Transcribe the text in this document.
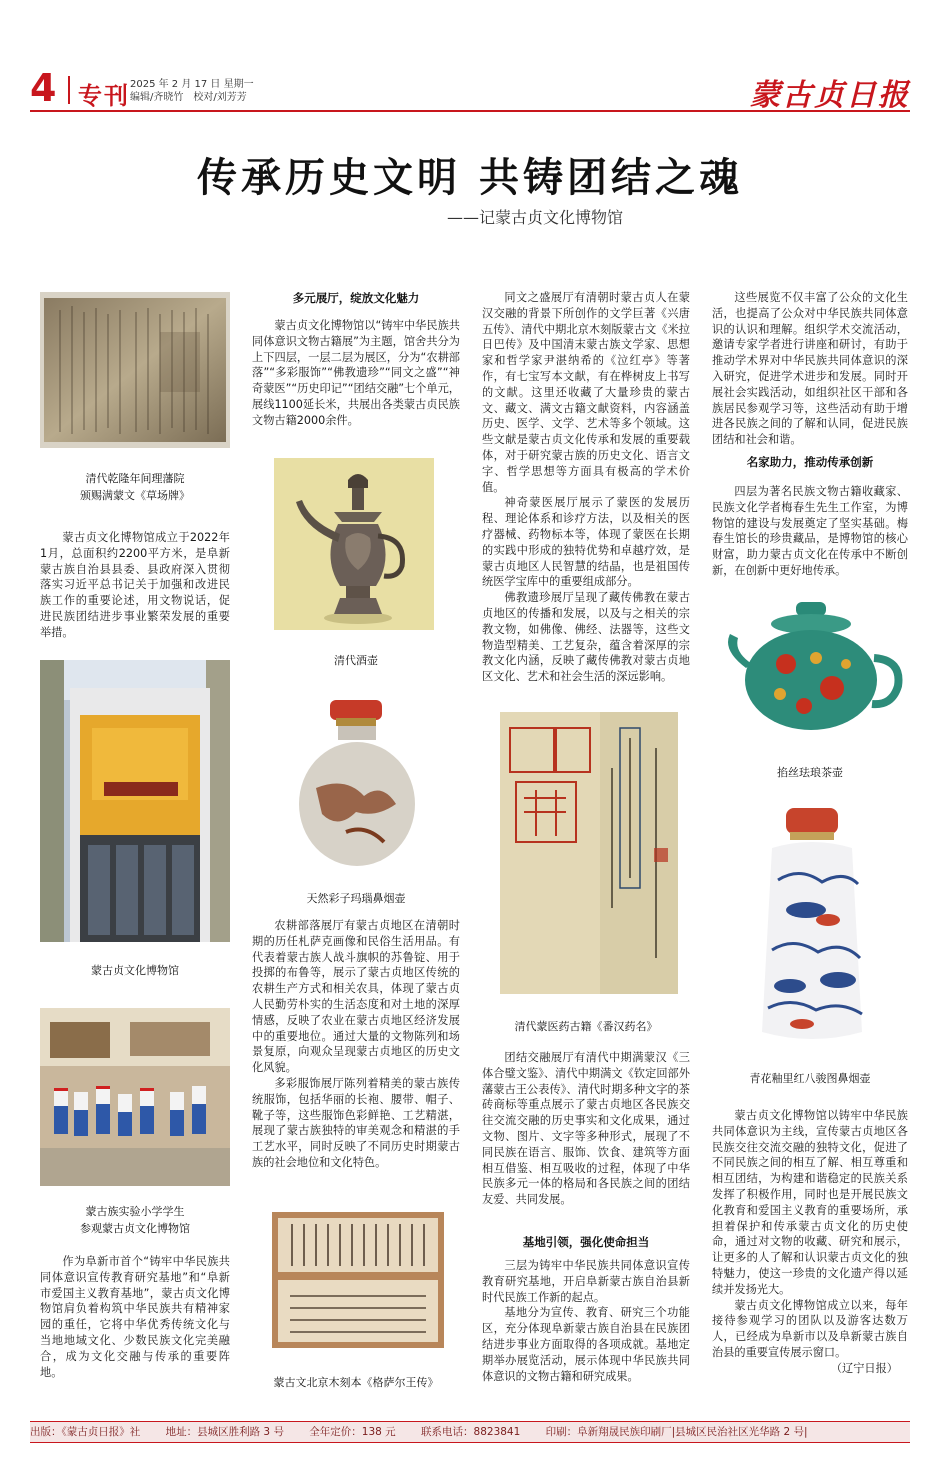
4 专刊 2025 年 2 月 17 日 星期一
编辑/齐晓竹　校对/刘芳芳	蒙古贞日报
传承历史文明 共铸团结之魂
——记蒙古贞文化博物馆
清代乾隆年间理藩院
颁赐满蒙文《草场牌》

蒙古贞文化博物馆成立于2022年1月，总面积约2200平方米，是阜新蒙古族自治县县委、县政府深入贯彻落实习近平总书记关于加强和改进民族工作的重要论述，用文物说话，促进民族团结进步事业繁荣发展的重要举措。

蒙古贞文化博物馆
蒙古族实验小学学生
参观蒙古贞文化博物馆

作为阜新市首个“铸牢中华民族共同体意识宣传教育研究基地”和“阜新市爱国主义教育基地”，蒙古贞文化博物馆肩负着构筑中华民族共有精神家园的重任，它将中华优秀传统文化与当地地域文化、少数民族文化完美融合，成为文化交融与传承的重要阵地。

多元展厅，绽放文化魅力

蒙古贞文化博物馆以“铸牢中华民族共同体意识文物古籍展”为主题，馆舍共分为上下四层，一层二层为展区，分为“农耕部落”“多彩服饰”“佛教遗珍”“同文之盛”“神奇蒙医”“历史印记”“团结交融”七个单元，展线1100延长米，共展出各类蒙古贞民族文物古籍2000余件。

清代酒壶
天然彩子玛瑙鼻烟壶

农耕部落展厅有蒙古贞地区在清朝时期的历任札萨克画像和民俗生活用品。有代表着蒙古族人战斗旗帜的苏鲁锭、用于投掷的布鲁等，展示了蒙古贞地区传统的农耕生产方式和相关农具，体现了蒙古贞人民勤劳朴实的生活态度和对土地的深厚情感，反映了农业在蒙古贞地区经济发展中的重要地位。通过大量的文物陈列和场景复原，向观众呈现蒙古贞地区的历史文化风貌。

多彩服饰展厅陈列着精美的蒙古族传统服饰，包括华丽的长袍、腰带、帽子、靴子等，这些服饰色彩鲜艳、工艺精湛，展现了蒙古族独特的审美观念和精湛的手工艺水平，同时反映了不同历史时期蒙古族的社会地位和文化特色。

蒙古文北京木刻本《格萨尔王传》

同文之盛展厅有清朝时蒙古贞人在蒙汉交融的背景下所创作的文学巨著《兴唐五传》、清代中期北京木刻版蒙古文《米拉日巴传》及中国清末蒙古族文学家、思想家和哲学家尹湛纳希的《泣红亭》等著作，有七宝写本文献，有在桦树皮上书写的文献。这里还收藏了大量珍贵的蒙古文、藏文、满文古籍文献资料，内容涵盖历史、医学、文学、艺术等多个领域。这些文献是蒙古贞文化传承和发展的重要载体，对于研究蒙古族的历史文化、语言文字、哲学思想等方面具有极高的学术价值。

神奇蒙医展厅展示了蒙医的发展历程、理论体系和诊疗方法，以及相关的医疗器械、药物标本等，体现了蒙医在长期的实践中形成的独特优势和卓越疗效，是蒙古贞地区人民智慧的结晶，也是祖国传统医学宝库中的重要组成部分。

佛教遗珍展厅呈现了藏传佛教在蒙古贞地区的传播和发展，以及与之相关的宗教文物，如佛像、佛经、法器等，这些文物造型精美、工艺复杂，蕴含着深厚的宗教文化内涵，反映了藏传佛教对蒙古贞地区文化、艺术和社会生活的深远影响。

清代蒙医药古籍《番汉药名》

团结交融展厅有清代中期满蒙汉《三体合璧文鉴》、清代中期满文《钦定回部外藩蒙古王公表传》、清代时期多种文字的茶砖商标等重点展示了蒙古贞地区各民族交往交流交融的历史事实和文化成果，通过文物、图片、文字等多种形式，展现了不同民族在语言、服饰、饮食、建筑等方面相互借鉴、相互吸收的过程，体现了中华民族多元一体的格局和各民族之间的团结友爱、共同发展。

基地引领，强化使命担当

三层为铸牢中华民族共同体意识宣传教育研究基地，开启阜新蒙古族自治县新时代民族工作新的起点。

基地分为宣传、教育、研究三个功能区，充分体现阜新蒙古族自治县在民族团结进步事业方面取得的各项成就。基地定期举办展览活动，展示体现中华民族共同体意识的文物古籍和研究成果。

这些展览不仅丰富了公众的文化生活，也提高了公众对中华民族共同体意识的认识和理解。组织学术交流活动，邀请专家学者进行讲座和研讨，有助于推动学术界对中华民族共同体意识的深入研究，促进学术进步和发展。同时开展社会实践活动，如组织社区干部和各族居民参观学习等，这些活动有助于增进各民族之间的了解和认同，促进民族团结和社会和谐。

名家助力，推动传承创新

四层为著名民族文物古籍收藏家、民族文化学者梅春生先生工作室，为博物馆的建设与发展奠定了坚实基础。梅春生馆长的珍贵藏品，是博物馆的核心财富，助力蒙古贞文化在传承中不断创新，在创新中更好地传承。

掐丝珐琅茶壶
青花釉里红八骏图鼻烟壶

蒙古贞文化博物馆以铸牢中华民族共同体意识为主线，宣传蒙古贞地区各民族交往交流交融的独特文化，促进了不同民族之间的相互了解、相互尊重和相互团结，为构建和谐稳定的民族关系发挥了积极作用，同时也是开展民族文化教育和爱国主义教育的重要场所，承担着保护和传承蒙古贞文化的历史使命，通过对文物的收藏、研究和展示，让更多的人了解和认识蒙古贞文化的独特魅力，使这一珍贵的文化遗产得以延续并发扬光大。

蒙古贞文化博物馆成立以来，每年接待参观学习的团队以及游客达数万人，已经成为阜新市以及阜新蒙古族自治县的重要宣传展示窗口。

（辽宁日报）
出版：《蒙古贞日报》社 地址：县城区胜利路 3 号 全年定价：138 元 联系电话：8823841 印刷：阜新翔晟民族印刷厂|县城区民治社区光华路 2 号|
